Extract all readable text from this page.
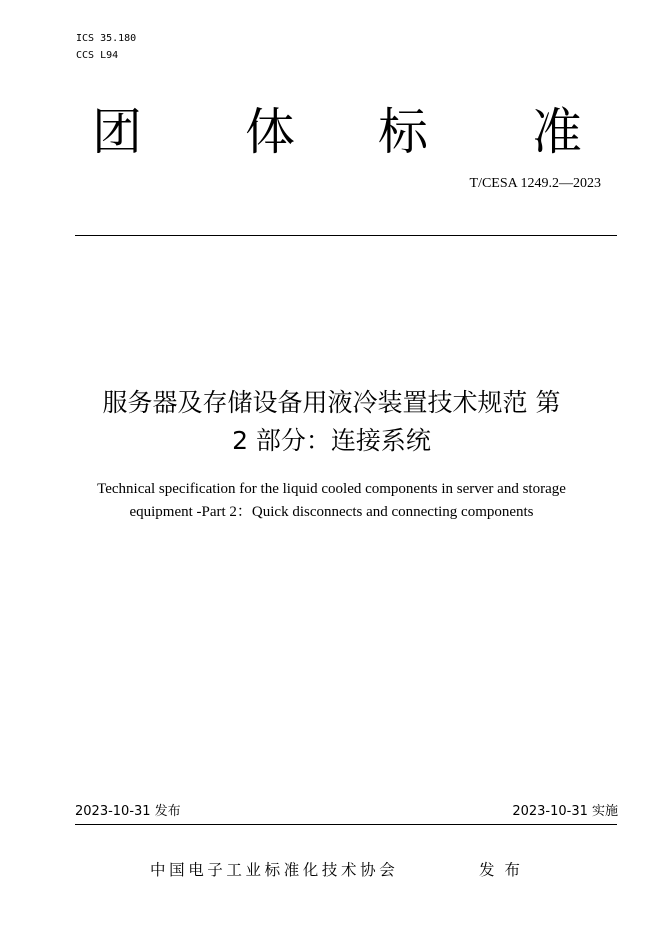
ICS 35.180
CCS L94
团 体 标 准
T/CESA 1249.2—2023
服务器及存储设备用液冷装置技术规范 第
2 部分：连接系统
Technical specification for the liquid cooled components in server and storage
equipment -Part 2：Quick disconnects and connecting components
2023-10-31 发布	2023-10-31 实施
中国电子工业标准化技术协会	发布
